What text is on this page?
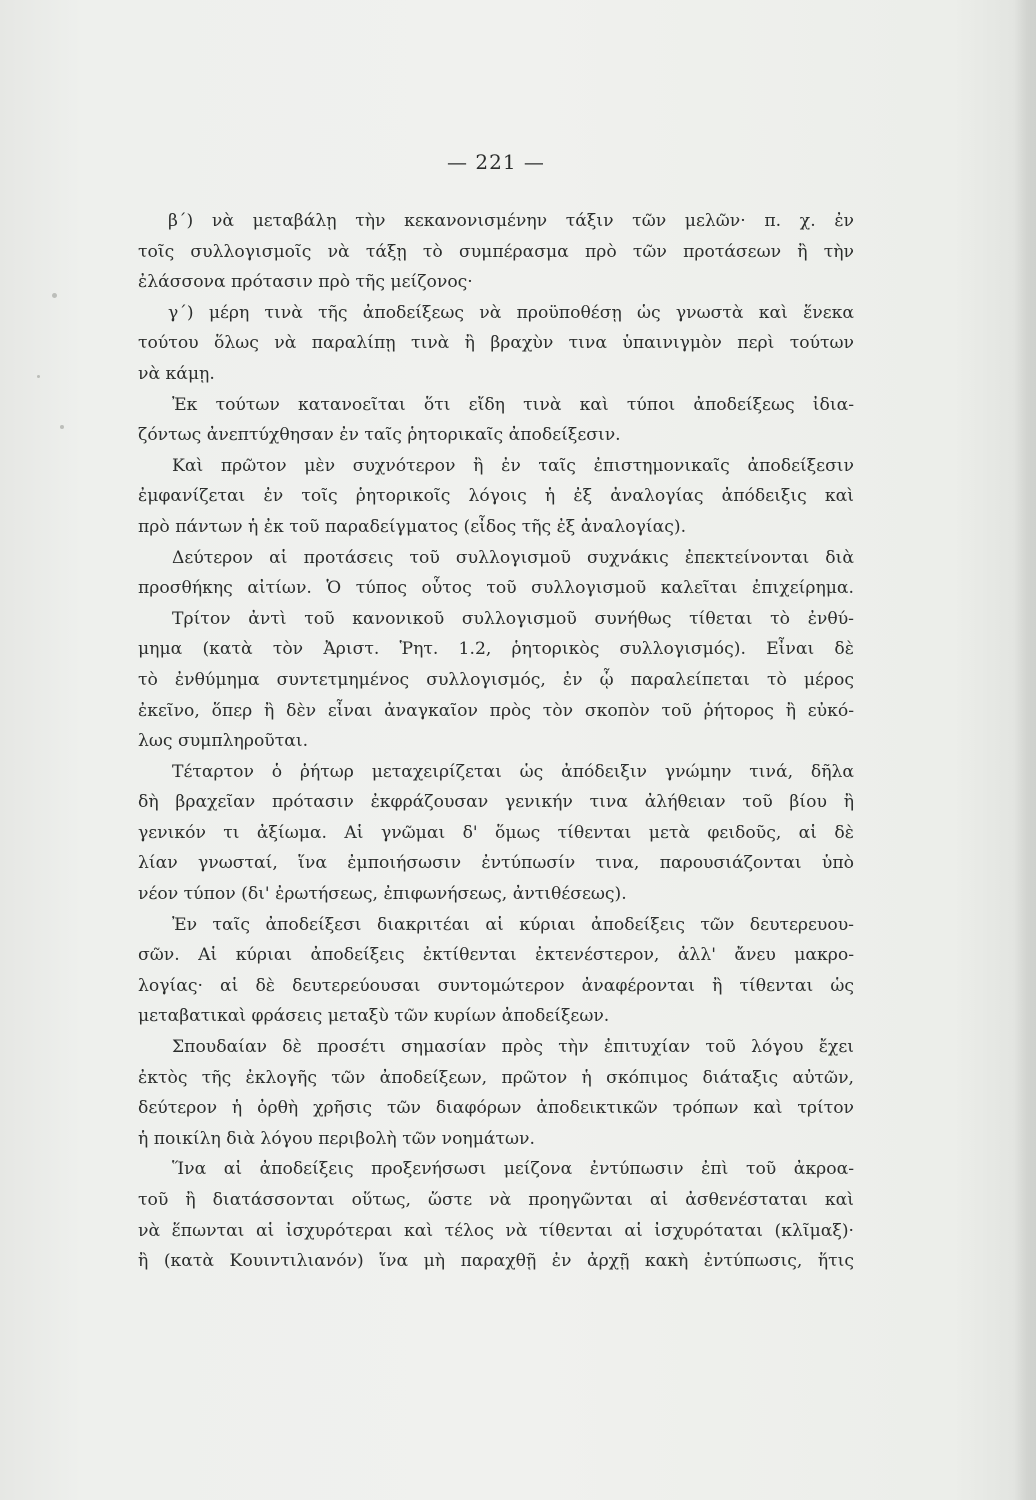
— 221 —
β΄) νὰ μεταβάλῃ τὴν κεκανονισμένην τάξιν τῶν μελῶν· π. χ. ἐν
τοῖς συλλογισμοῖς νὰ τάξῃ τὸ συμπέρασμα πρὸ τῶν προτάσεων ἢ τὴν
ἐλάσσονα πρότασιν πρὸ τῆς μείζονος·
γ΄) μέρη τινὰ τῆς ἀποδείξεως νὰ προϋποθέσῃ ὡς γνωστὰ καὶ ἕνεκα
τούτου ὅλως νὰ παραλίπῃ τινὰ ἢ βραχὺν τινα ὑπαινιγμὸν περὶ τούτων
νὰ κάμῃ.
Ἐκ τούτων κατανοεῖται ὅτι εἴδη τινὰ καὶ τύποι ἀποδείξεως ἰδια-
ζόντως ἀνεπτύχθησαν ἐν ταῖς ῥητορικαῖς ἀποδείξεσιν.
Καὶ πρῶτον μὲν συχνότερον ἢ ἐν ταῖς ἐπιστημονικαῖς ἀποδείξεσιν
ἐμφανίζεται ἐν τοῖς ῥητορικοῖς λόγοις ἡ ἐξ ἀναλογίας ἀπόδειξις καὶ
πρὸ πάντων ἡ ἐκ τοῦ παραδείγματος (εἶδος τῆς ἐξ ἀναλογίας).
Δεύτερον αἱ προτάσεις τοῦ συλλογισμοῦ συχνάκις ἐπεκτείνονται διὰ
προσθήκης αἰτίων. Ὁ τύπος οὗτος τοῦ συλλογισμοῦ καλεῖται ἐπιχείρημα.
Τρίτον ἀντὶ τοῦ κανονικοῦ συλλογισμοῦ συνήθως τίθεται τὸ ἐνθύ-
μημα (κατὰ τὸν Ἀριστ. Ῥητ. 1.2, ῥητορικὸς συλλογισμός). Εἶναι δὲ
τὸ ἐνθύμημα συντετμημένος συλλογισμός, ἐν ᾧ παραλείπεται τὸ μέρος
ἐκεῖνο, ὅπερ ἢ δὲν εἶναι ἀναγκαῖον πρὸς τὸν σκοπὸν τοῦ ῥήτορος ἢ εὐκό-
λως συμπληροῦται.
Τέταρτον ὁ ῥήτωρ μεταχειρίζεται ὡς ἀπόδειξιν γνώμην τινά, δῆλα
δὴ βραχεῖαν πρότασιν ἐκφράζουσαν γενικήν τινα ἀλήθειαν τοῦ βίου ἢ
γενικόν τι ἀξίωμα. Αἱ γνῶμαι δ' ὅμως τίθενται μετὰ φειδοῦς, αἱ δὲ
λίαν γνωσταί, ἵνα ἐμποιήσωσιν ἐντύπωσίν τινα, παρουσιάζονται ὑπὸ
νέον τύπον (δι' ἐρωτήσεως, ἐπιφωνήσεως, ἀντιθέσεως).
Ἐν ταῖς ἀποδείξεσι διακριτέαι αἱ κύριαι ἀποδείξεις τῶν δευτερευου-
σῶν. Αἱ κύριαι ἀποδείξεις ἐκτίθενται ἐκτενέστερον, ἀλλ' ἄνευ μακρο-
λογίας· αἱ δὲ δευτερεύουσαι συντομώτερον ἀναφέρονται ἢ τίθενται ὡς
μεταβατικαὶ φράσεις μεταξὺ τῶν κυρίων ἀποδείξεων.
Σπουδαίαν δὲ προσέτι σημασίαν πρὸς τὴν ἐπιτυχίαν τοῦ λόγου ἔχει
ἐκτὸς τῆς ἐκλογῆς τῶν ἀποδείξεων, πρῶτον ἡ σκόπιμος διάταξις αὐτῶν,
δεύτερον ἡ ὀρθὴ χρῆσις τῶν διαφόρων ἀποδεικτικῶν τρόπων καὶ τρίτον
ἡ ποικίλη διὰ λόγου περιβολὴ τῶν νοημάτων.
Ἵνα αἱ ἀποδείξεις προξενήσωσι μείζονα ἐντύπωσιν ἐπὶ τοῦ ἀκροα-
τοῦ ἢ διατάσσονται οὕτως, ὥστε νὰ προηγῶνται αἱ ἀσθενέσταται καὶ
νὰ ἕπωνται αἱ ἰσχυρότεραι καὶ τέλος νὰ τίθενται αἱ ἰσχυρόταται (κλῖμαξ)·
ἢ (κατὰ Κουιντιλιανόν) ἵνα μὴ παραχθῇ ἐν ἀρχῇ κακὴ ἐντύπωσις, ἥτις
